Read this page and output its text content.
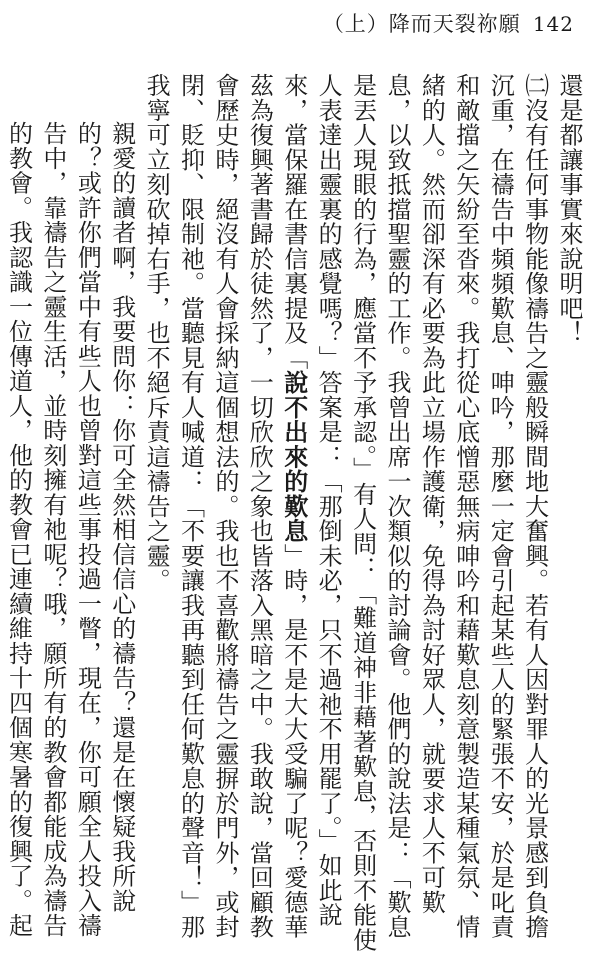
（上）降而天裂祢願 142

還是都讓事實來說明吧！

㈡沒有任何事物能像禱告之靈般瞬間地大奮興。若有人因對罪人的光景感到負擔沉重，在禱告中頻頻歎息、呻吟，那麼一定會引起某些人的緊張不安，於是叱責和敵擋之矢紛至沓來。我打從心底憎惡無病呻吟和藉歎息刻意製造某種氣氛、情緒的人。然而卻深有必要為此立場作護衛，免得為討好眾人，就要求人不可歎息，以致抵擋聖靈的工作。我曾出席一次類似的討論會。他們的說法是：「歎息是丟人現眼的行為，應當不予承認。」有人問：「難道神非藉著歎息，否則不能使人表達出靈裏的感覺嗎？」答案是：「那倒未必，只不過祂不用罷了。」如此說來，當保羅在書信裏提及「說不出來的歎息」時，是不是大大受騙了呢？愛德華茲為復興著書歸於徒然了，一切欣欣之象也皆落入黑暗之中。我敢說，當回顧教會歷史時，絕沒有人會採納這個想法的。我也不喜歡將禱告之靈摒於門外，或封閉、貶抑、限制祂。當聽見有人喊道：「不要讓我再聽到任何歎息的聲音！」那我寧可立刻砍掉右手，也不絕斥責這禱告之靈。

親愛的讀者啊，我要問你：你可全然相信信心的禱告？還是在懷疑我所說的？或許你們當中有些人也曾對這些事投過一瞥，現在，你可願全人投入禱告中，靠禱告之靈生活，並時刻擁有祂呢？哦，願所有的教會都能成為禱告的教會。我認識一位傳道人，他的教會已連續維持十四個寒暑的復興了。起
